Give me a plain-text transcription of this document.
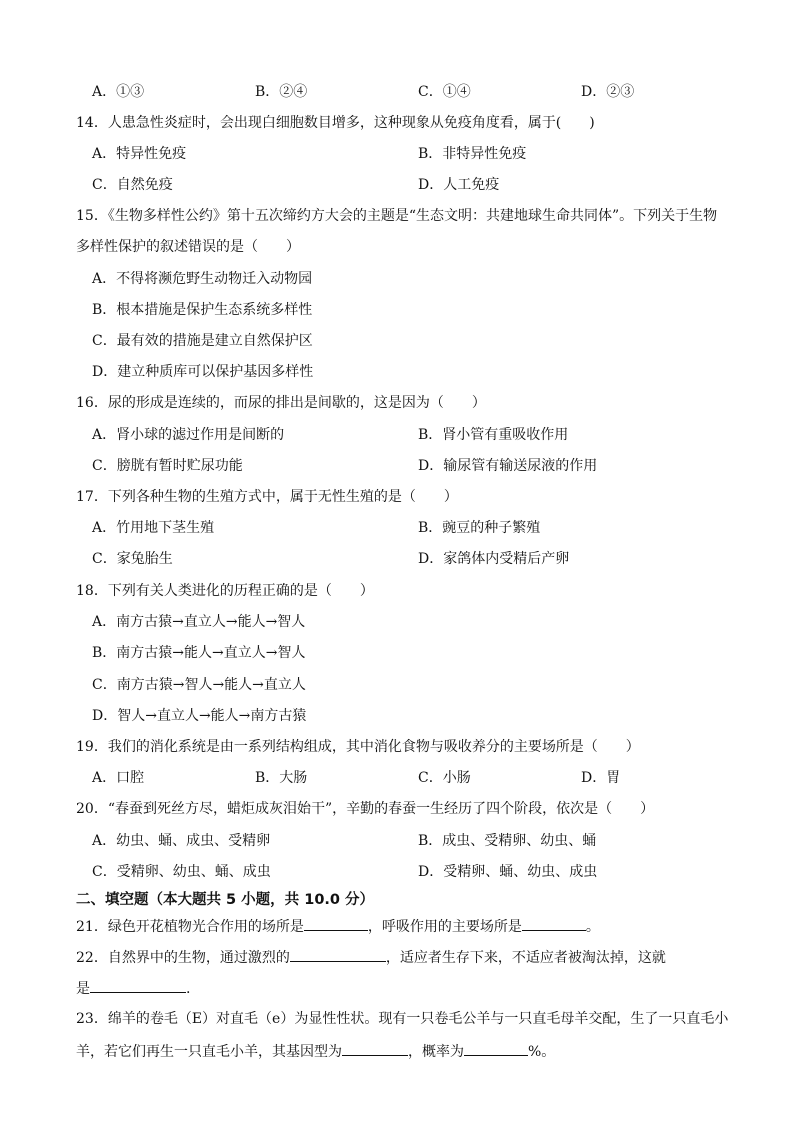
A．①③	B．②④	C．①④	D．②③
14．人患急性炎症时，会出现白细胞数目增多，这种现象从免疫角度看，属于(　　)
A．特异性免疫	B．非特异性免疫
C．自然免疫	D．人工免疫
15．《生物多样性公约》第十五次缔约方大会的主题是“生态文明：共建地球生命共同体”。下列关于生物
多样性保护的叙述错误的是（　　）
A．不得将濒危野生动物迁入动物园
B．根本措施是保护生态系统多样性
C．最有效的措施是建立自然保护区
D．建立种质库可以保护基因多样性
16．尿的形成是连续的，而尿的排出是间歇的，这是因为（　　）
A．肾小球的滤过作用是间断的	B．肾小管有重吸收作用
C．膀胱有暂时贮尿功能	D．输尿管有输送尿液的作用
17．下列各种生物的生殖方式中，属于无性生殖的是（　　）
A．竹用地下茎生殖	B．豌豆的种子繁殖
C．家兔胎生	D．家鸽体内受精后产卵
18．下列有关人类进化的历程正确的是（　　）
A．南方古猿→直立人→能人→智人
B．南方古猿→能人→直立人→智人
C．南方古猿→智人→能人→直立人
D．智人→直立人→能人→南方古猿
19．我们的消化系统是由一系列结构组成，其中消化食物与吸收养分的主要场所是（　　）
A．口腔	B．大肠	C．小肠	D．胃
20．“春蚕到死丝方尽，蜡炬成灰泪始干”，辛勤的春蚕一生经历了四个阶段，依次是（　　）
A．幼虫、蛹、成虫、受精卵	B．成虫、受精卵、幼虫、蛹
C．受精卵、幼虫、蛹、成虫	D．受精卵、蛹、幼虫、成虫
二、填空题（本大题共 5 小题，共 10.0 分）
21．绿色开花植物光合作用的场所是	，呼吸作用的主要场所是	。
22．自然界中的生物，通过激烈的	，适应者生存下来，不适应者被淘汰掉，这就
是	.
23．绵羊的卷毛（E）对直毛（e）为显性性状。现有一只卷毛公羊与一只直毛母羊交配，生了一只直毛小
羊，若它们再生一只直毛小羊，其基因型为	，概率为	%。
